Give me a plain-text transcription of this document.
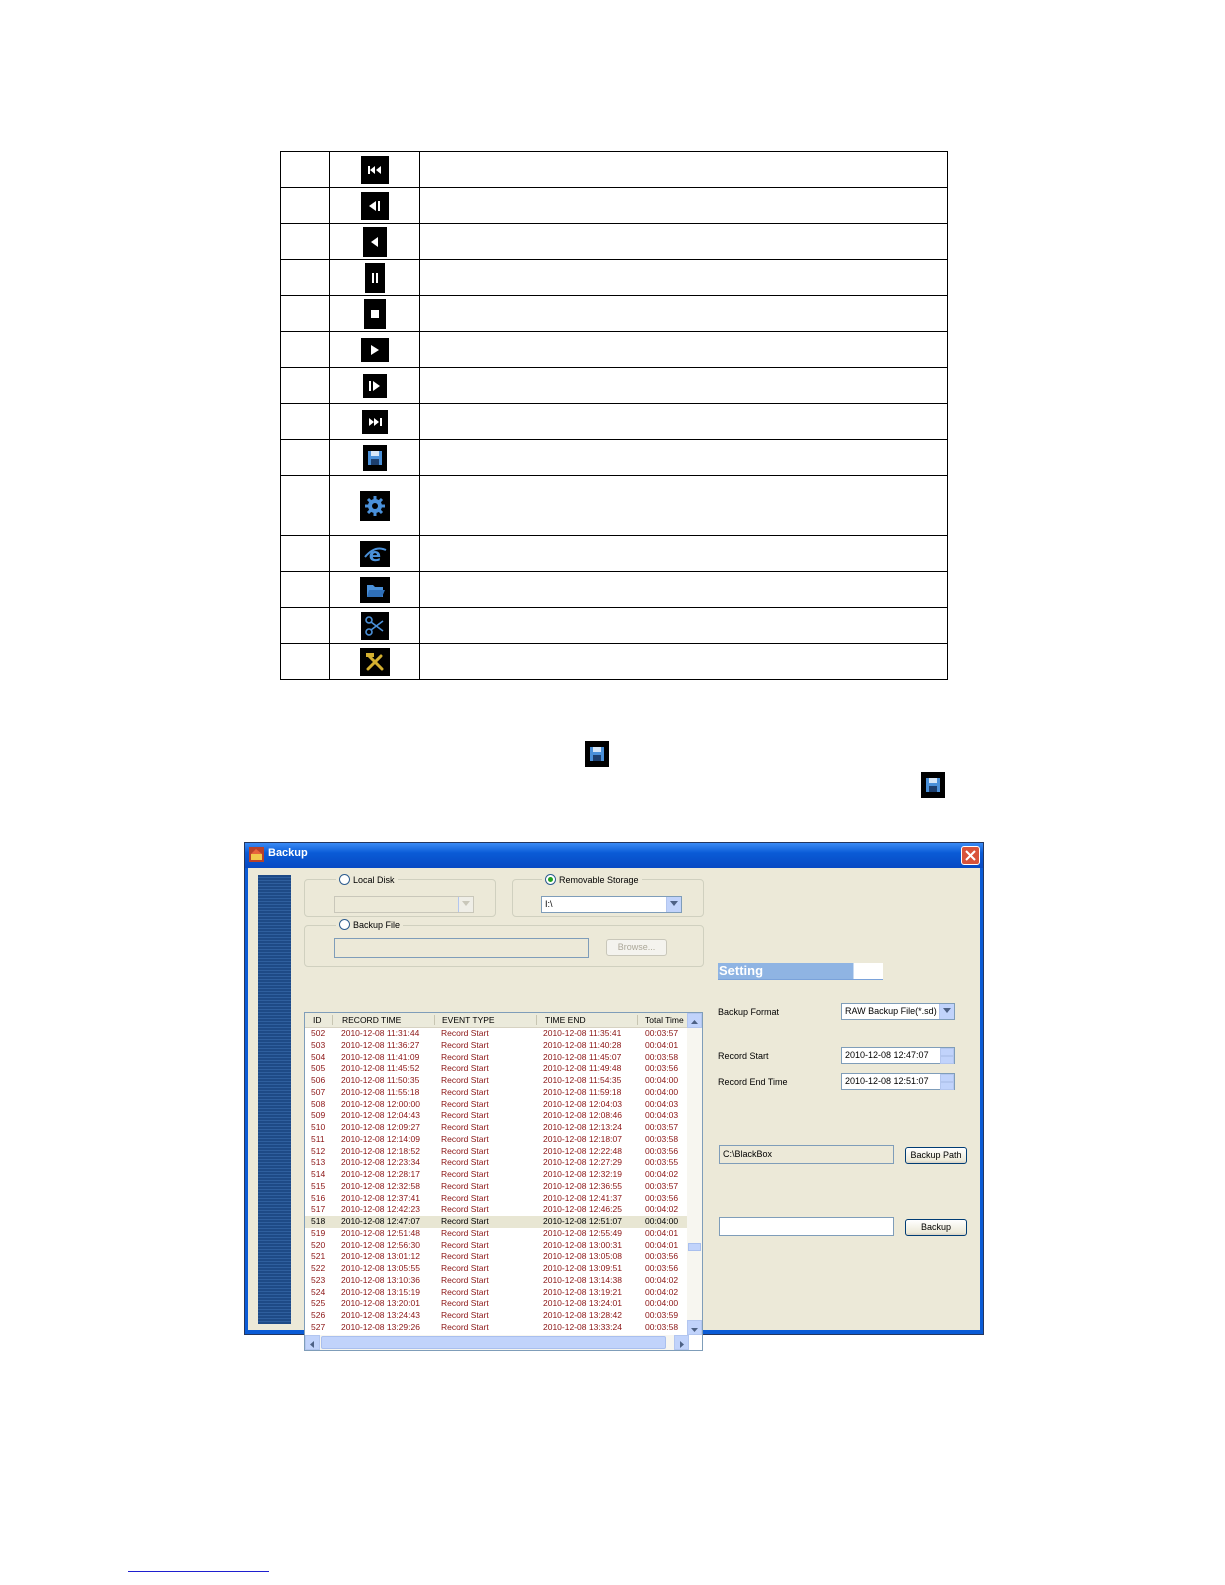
e	

Backup
Local Disk	Removable Storage
I:\
Backup File
Browse...
ID RECORD TIME	EVENT TYPE	TIME END	Total Time
502 2010-12-08 11:31:44	Record Start	2010-12-08 11:35:41	00:03:57
503 2010-12-08 11:36:27	Record Start	2010-12-08 11:40:28	00:04:01
504 2010-12-08 11:41:09	Record Start	2010-12-08 11:45:07	00:03:58
505 2010-12-08 11:45:52	Record Start	2010-12-08 11:49:48	00:03:56
506 2010-12-08 11:50:35	Record Start	2010-12-08 11:54:35	00:04:00
507 2010-12-08 11:55:18	Record Start	2010-12-08 11:59:18	00:04:00
508 2010-12-08 12:00:00 Record Start	2010-12-08 12:04:03	00:04:03
509 2010-12-08 12:04:43 Record Start	2010-12-08 12:08:46	00:04:03
510 2010-12-08 12:09:27 Record Start	2010-12-08 12:13:24	00:03:57
511 2010-12-08 12:14:09 Record Start	2010-12-08 12:18:07	00:03:58
512 2010-12-08 12:18:52 Record Start	2010-12-08 12:22:48	00:03:56
513 2010-12-08 12:23:34 Record Start	2010-12-08 12:27:29	00:03:55
514 2010-12-08 12:28:17 Record Start	2010-12-08 12:32:19	00:04:02
515 2010-12-08 12:32:58 Record Start	2010-12-08 12:36:55	00:03:57
516 2010-12-08 12:37:41 Record Start	2010-12-08 12:41:37	00:03:56
517 2010-12-08 12:42:23 Record Start	2010-12-08 12:46:25	00:04:02
518 2010-12-08 12:47:07 Record Start	2010-12-08 12:51:07	00:04:00
519 2010-12-08 12:51:48 Record Start	2010-12-08 12:55:49	00:04:01
520 2010-12-08 12:56:30 Record Start	2010-12-08 13:00:31	00:04:01
521 2010-12-08 13:01:12 Record Start	2010-12-08 13:05:08	00:03:56
522 2010-12-08 13:05:55 Record Start	2010-12-08 13:09:51	00:03:56
523 2010-12-08 13:10:36 Record Start	2010-12-08 13:14:38	00:04:02
524 2010-12-08 13:15:19 Record Start	2010-12-08 13:19:21	00:04:02
525 2010-12-08 13:20:01 Record Start	2010-12-08 13:24:01	00:04:00
526 2010-12-08 13:24:43 Record Start	2010-12-08 13:28:42	00:03:59
527 2010-12-08 13:29:26 Record Start	2010-12-08 13:33:24	00:03:58
Setting
Backup Format	RAW Backup File(*.sd)
Record Start	2010-12-08 12:47:07
Record End Time	2010-12-08 12:51:07
C:\BlackBox	Backup Path
Backup
